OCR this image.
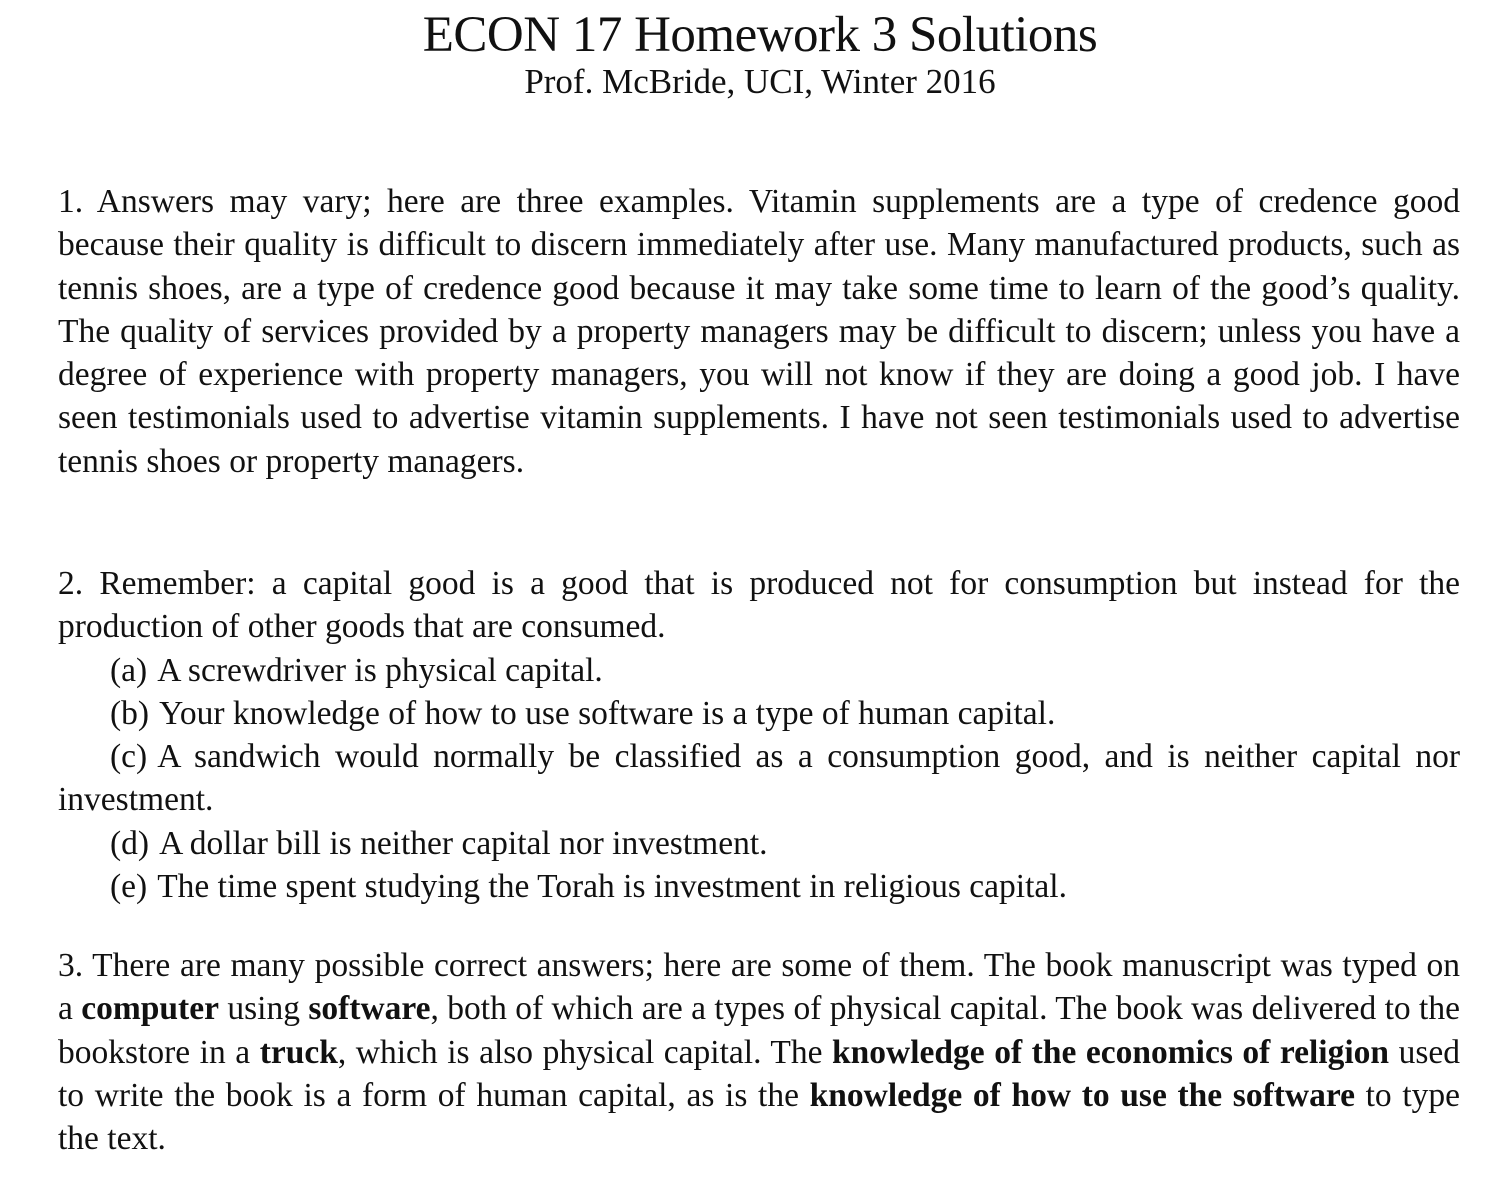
ECON 17 Homework 3 Solutions
Prof. McBride, UCI, Winter 2016

1. Answers may vary; here are three examples. Vitamin supplements are a type of credence good because their quality is difficult to discern immediately after use. Many manufactured products, such as tennis shoes, are a type of credence good because it may take some time to learn of the good’s quality. The quality of services provided by a property managers may be difficult to discern; unless you have a degree of experience with property managers, you will not know if they are doing a good job. I have seen testimonials used to advertise vitamin supplements. I have not seen testimonials used to advertise tennis shoes or property managers.

2. Remember: a capital good is a good that is produced not for consumption but instead for the production of other goods that are consumed.

(a) A screwdriver is physical capital.

(b) Your knowledge of how to use software is a type of human capital.

(c) A sandwich would normally be classified as a consumption good, and is neither capital nor investment.

(d) A dollar bill is neither capital nor investment.

(e) The time spent studying the Torah is investment in religious capital.

3. There are many possible correct answers; here are some of them. The book manuscript was typed on a computer using software, both of which are a types of physical capital. The book was delivered to the bookstore in a truck, which is also physical capital. The knowledge of the economics of religion used to write the book is a form of human capital, as is the knowledge of how to use the software to type the text.
